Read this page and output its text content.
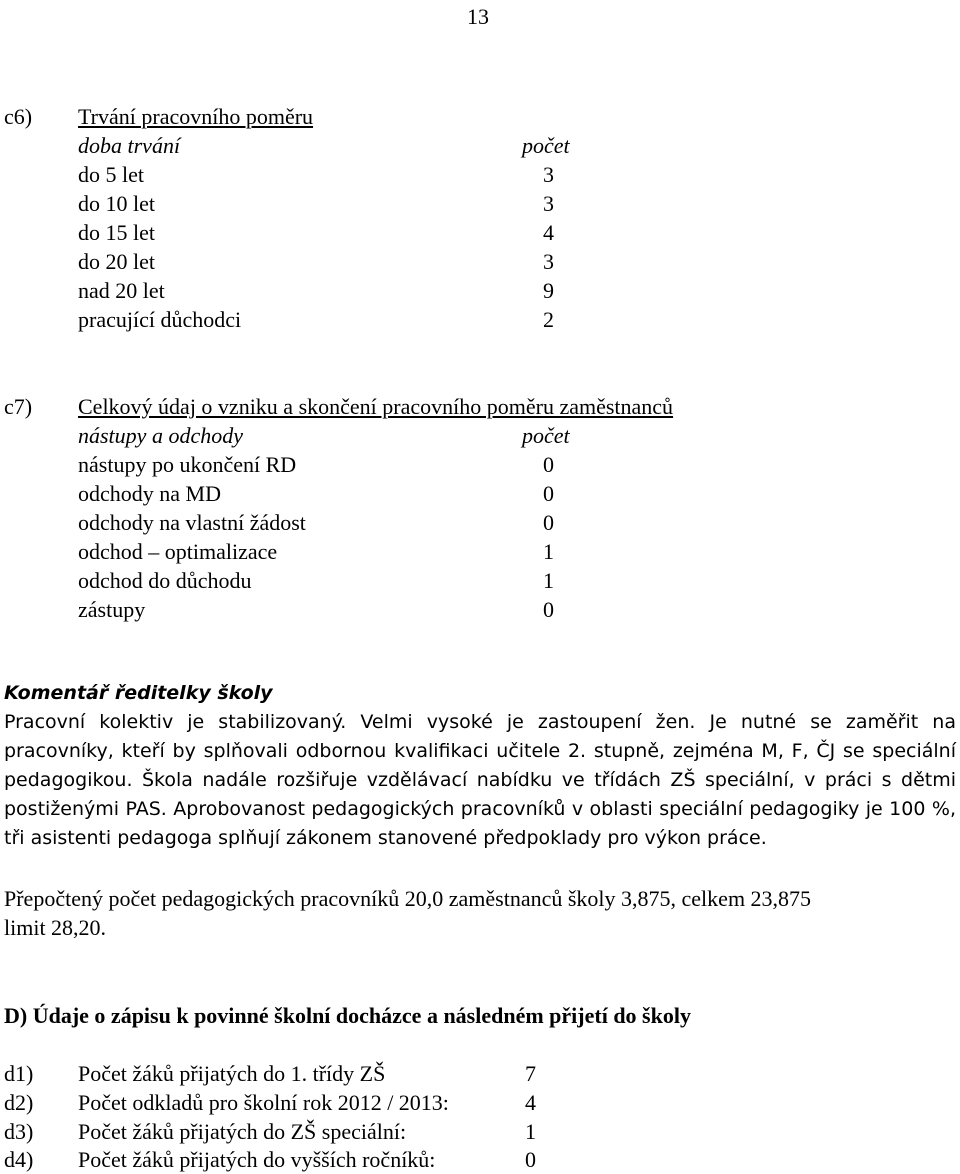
13
c6) Trvání pracovního poměru
doba trvání	počet
do 5 let	3
do 10 let	3
do 15 let	4
do 20 let	3
nad 20 let	9
pracující důchodci	2
c7) Celkový údaj o vzniku a skončení pracovního poměru zaměstnanců
nástupy a odchody	počet
nástupy po ukončení RD	0
odchody na MD	0
odchody na vlastní žádost	0
odchod – optimalizace	1
odchod do důchodu	1
zástupy	0
Komentář ředitelky školy
Pracovní kolektiv je stabilizovaný. Velmi vysoké je zastoupení žen. Je nutné se zaměřit na pracovníky, kteří by splňovali odbornou kvalifikaci učitele 2. stupně, zejména M, F, ČJ se speciální pedagogikou. Škola nadále rozšiřuje vzdělávací nabídku ve třídách ZŠ speciální, v práci s dětmi postiženými PAS. Aprobovanost pedagogických pracovníků v oblasti speciální pedagogiky je 100 %, tři asistenti pedagoga splňují zákonem stanovené předpoklady pro výkon práce.
Přepočtený počet pedagogických pracovníků 20,0 zaměstnanců školy 3,875, celkem 23,875
limit 28,20.
D) Údaje o zápisu k povinné školní docházce a následném přijetí do školy
d1) Počet žáků přijatých do 1. třídy ZŠ	7
d2) Počet odkladů pro školní rok 2012 / 2013:	4
d3) Počet žáků přijatých do ZŠ speciální:	1
d4) Počet žáků přijatých do vyšších ročníků:	0
